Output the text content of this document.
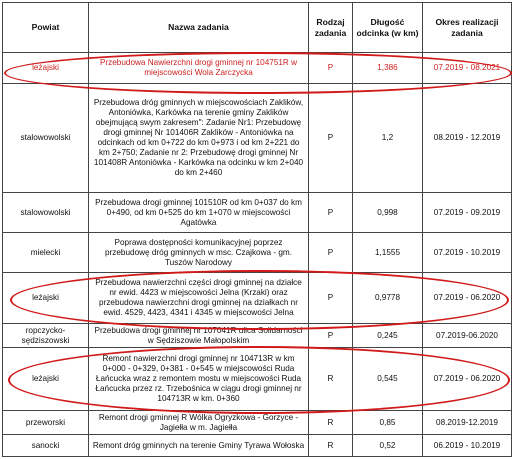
Powiat	Nazwa zadania	Rodzaj zadania	Długość odcinka (w km)	Okres realizacji zadania
leżajski	Przebudowa Nawierzchni drogi gminnej nr 104751R w miejscowości Wola Zarczycka	P	1,386	07.2019 - 08.2021
stalowowolski	Przebudowa dróg gminnych w miejscowościach Zaklików, Antoniówka, Karkówka na terenie gminy Zaklików obejmującą swym zakresem": Zadanie Nr1: Przebudowę drogi gminnej Nr 101406R Zaklików - Antoniówka na odcinkach od km 0+722 do km 0+973 i od km 2+221 do km 2+750; Zadanie nr 2: Przebudowę drogi gminnej Nr 101408R Antoniówka - Karkówka na odcinku w km 2+040 do km 2+460	P	1,2	08.2019 - 12.2019
stalowowolski	Przebudowa drogi gminnej 101510R od km 0+037 do km 0+490, od km 0+525 do km 1+070 w miejscowości Agatówka	P	0,998	07.2019 - 09.2019
mielecki	Poprawa dostępności komunikacyjnej poprzez przebudowę dróg gminnych w msc. Czajkowa - gm. Tuszów Narodowy	P	1,1555	07.2019 - 10.2019
leżajski	Przebudowa nawierzchni części drogi gminnej na działce nr ewid. 4423 w miejscowości Jelna (Krzaki) oraz przebudowa nawierzchni drogi gminnej na działkach nr ewid. 4529, 4423, 4341 i 4345 w miejscowości Jelna	P	0,9778	07.2019 - 06.2020
ropczycko-sędziszowski	Przebudowa drogi gminnej nr 107041R ulica Solidarności w Sędziszowie Małopolskim	P	0,245	07.2019-06.2020
leżajski	Remont nawierzchni drogi gminnej nr 104713R w km 0+000 - 0+329, 0+381 - 0+545 w miejscowości Ruda Łańcucka wraz z remontem mostu w miejscowości Ruda Łańcucka przez rz. Trzebośnica w ciągu drogi gminnej nr 104713R w km. 0+360	R	0,545	07.2019 - 06.2020
przeworski	Remont drogi gminnej R Wólka Ogryzkowa - Gorzyce - Jagiełła w m. Jagiełła	R	0,85	08.2019-12.2019
sanocki	Remont dróg gminnych na terenie Gminy Tyrawa Wołoska	R	0,52	06.2019 - 10.2019
